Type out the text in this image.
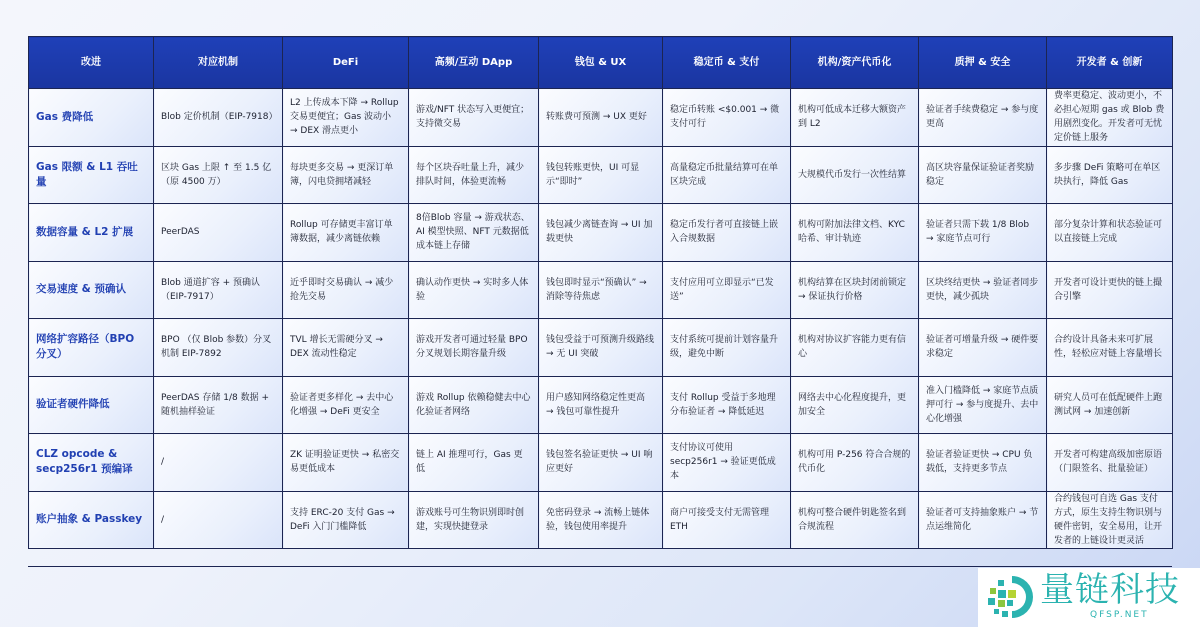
改进	对应机制	DeFi	高频/互动 DApp	钱包 & UX	稳定币 & 支付	机构/资产代币化	质押 & 安全	开发者 & 创新
Gas 费降低	Blob 定价机制（EIP-7918）	L2 上传成本下降 → Rollup 交易更便宜；Gas 波动小 → DEX 滑点更小	游戏/NFT 状态写入更便宜；支持微交易	转账费可预测 → UX 更好	稳定币转账 <$0.001 → 微支付可行	机构可低成本迁移大额资产到 L2	验证者手续费稳定 → 参与度更高	费率更稳定、波动更小，不必担心短期 gas 或 Blob 费用剧烈变化。开发者可无忧定价链上服务
Gas 限额 & L1 吞吐量	区块 Gas 上限 ↑ 至 1.5 亿（原 4500 万）	每块更多交易 → 更深订单簿，闪电贷拥堵减轻	每个区块吞吐量上升，减少排队时间，体验更流畅	钱包转账更快，UI 可显示“即时”	高量稳定币批量结算可在单区块完成	大规模代币发行一次性结算	高区块容量保证验证者奖励稳定	多步骤 DeFi 策略可在单区块执行，降低 Gas
数据容量 & L2 扩展	PeerDAS	Rollup 可存储更丰富订单簿数据，减少离链依赖	8倍Blob 容量 → 游戏状态、AI 模型快照、NFT 元数据低成本链上存储	钱包减少离链查询 → UI 加载更快	稳定币发行者可直接链上嵌入合规数据	机构可附加法律文档、KYC 哈希、审计轨迹	验证者只需下载 1/8 Blob → 家庭节点可行	部分复杂计算和状态验证可以直接链上完成
交易速度 & 预确认	Blob 通道扩容 + 预确认（EIP-7917）	近乎即时交易确认 → 减少抢先交易	确认动作更快 → 实时多人体验	钱包即时显示“预确认” → 消除等待焦虑	支付应用可立即显示“已发送”	机构结算在区块封闭前锁定 → 保证执行价格	区块终结更快 → 验证者同步更快，减少孤块	开发者可设计更快的链上撮合引擎
网络扩容路径（BPO 分叉）	BPO （仅 Blob 参数）分叉机制 EIP-7892	TVL 增长无需硬分叉 → DEX 流动性稳定	游戏开发者可通过轻量 BPO 分叉规划长期容量升级	钱包受益于可预测升级路线 → 无 UI 突破	支付系统可提前计划容量升级，避免中断	机构对协议扩容能力更有信心	验证者可增量升级 → 硬件要求稳定	合约设计具备未来可扩展性，轻松应对链上容量增长
验证者硬件降低	PeerDAS 存储 1/8 数据 + 随机抽样验证	验证者更多样化 → 去中心化增强 → DeFi 更安全	游戏 Rollup 依赖稳健去中心化验证者网络	用户感知网络稳定性更高 → 钱包可靠性提升	支付 Rollup 受益于多地理分布验证者 → 降低延迟	网络去中心化程度提升，更加安全	准入门槛降低 → 家庭节点质押可行 → 参与度提升、去中心化增强	研究人员可在低配硬件上跑测试网 → 加速创新
CLZ opcode & secp256r1 预编译	/	ZK 证明验证更快 → 私密交易更低成本	链上 AI 推理可行，Gas 更低	钱包签名验证更快 → UI 响应更好	支付协议可使用 secp256r1 → 验证更低成本	机构可用 P-256 符合合规的代币化	验证者验证更快 → CPU 负载低，支持更多节点	开发者可构建高级加密原语（门限签名、批量验证）
账户抽象 & Passkey	/	支持 ERC-20 支付 Gas → DeFi 入门门槛降低	游戏账号可生物识别即时创建，实现快捷登录	免密码登录 → 流畅上链体验，钱包使用率提升	商户可接受支付无需管理 ETH	机构可整合硬件钥匙签名到合规流程	验证者可支持抽象账户 → 节点运维简化	合约钱包可自选 Gas 支付方式，原生支持生物识别与硬件密钥，安全易用，让开发者的上链设计更灵活
量链科技
QFSP.NET
